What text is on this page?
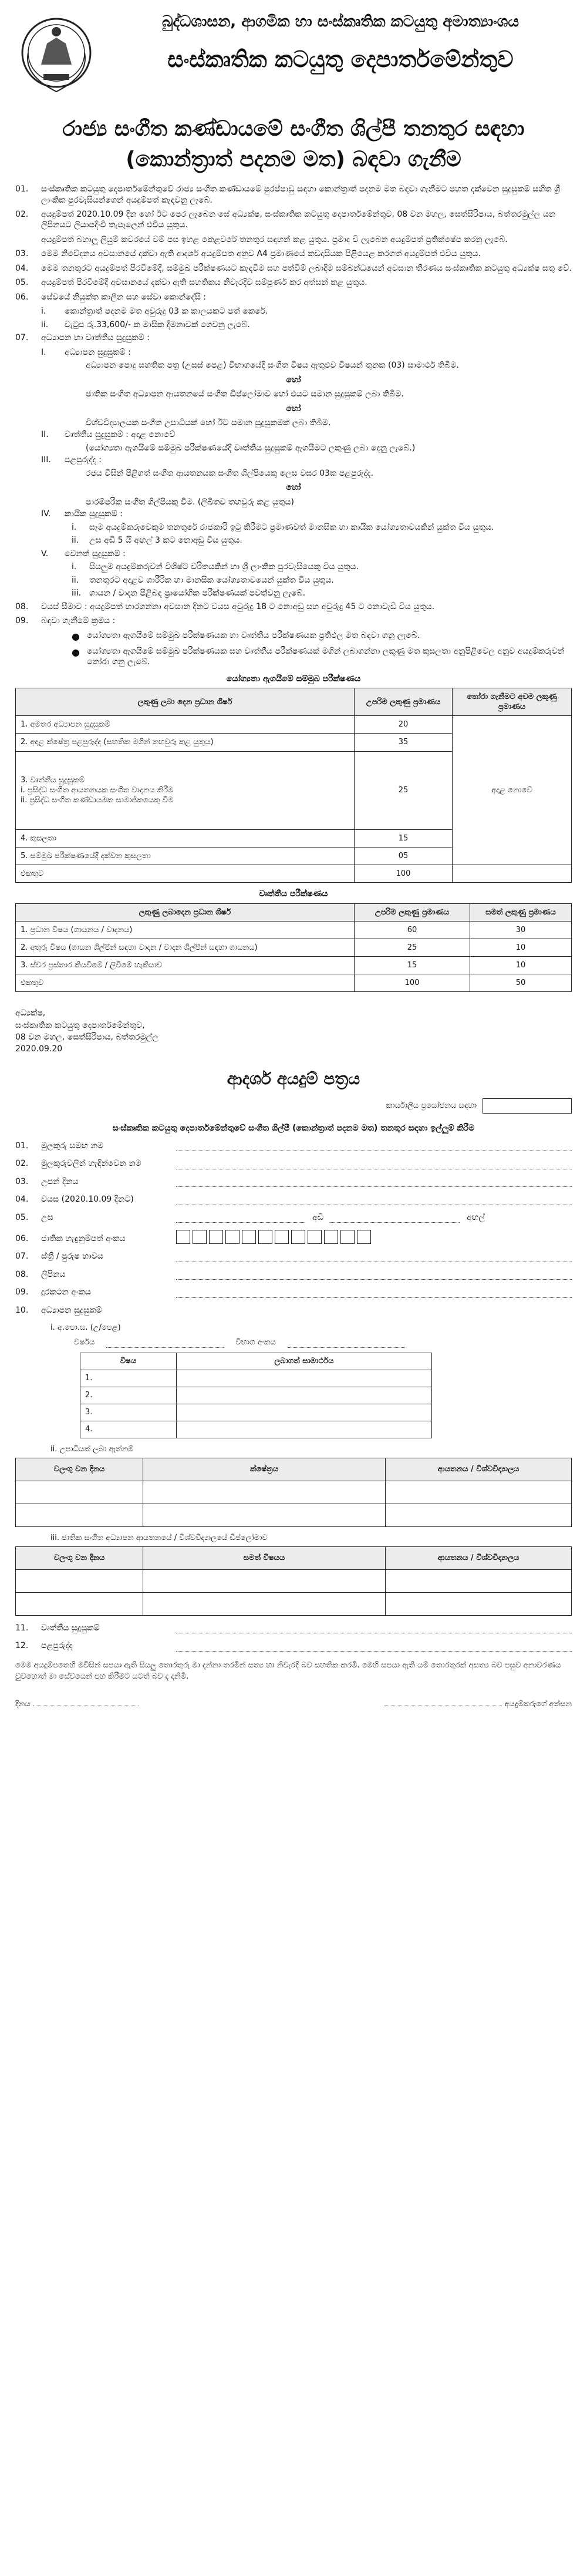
බුද්ධශාසන, ආගමික හා සංස්කෘතික කටයුතු අමාත්‍යාංශය
සංස්කෘතික කටයුතු දෙපාර්තමේන්තුව
රාජ්‍ය සංගීත කණ්ඩායමේ සංගීත ශිල්පී තනතුර සඳහා
(කොන්ත්‍රාත් පදනම මත) බඳවා ගැනීම
01.	සංස්කෘතික කටයුතු දෙපාර්තමේන්තුවේ රාජ්‍ය සංගීත කණ්ඩායමේ පුරප්පාඩු සඳහා කොන්ත්‍රාත් පදනම මත බඳවා ගැනීමට පහත දක්වෙන සුදුසුකම් සහිත ශ්‍රී ලාංකික පුරවැසියන්ගෙන් අයදුම්පත් කැඳවනු ලැබේ.
02.	අයදුම්පත් 2020.10.09 දින හෝ ඊට පෙර ලැබෙන සේ අධ්‍යක්ෂ, සංස්කෘතික කටයුතු දෙපාර්තමේන්තුව, 08 වන මහල, සෙත්සිරිපාය, බත්තරමුල්ල යන ලිපිනයට ලියාපදිංචි තැපෑලෙන් එවිය යුතුය.
අයදුම්පත් බහාලූ ලියුම් කවරයේ වම් පස ඉහළ කෙළවරේ තනතුර සඳහන් කළ යුතුය. ප්‍රමාද වී ලැබෙන අයදුම්පත් ප්‍රතික්ෂේප කරනු ලැබේ.
03.	මෙම නිවේදනය අවසානයේ දක්වා ඇති ආදර්ශ අයදුම්පත අනුව A4 ප්‍රමාණයේ කඩදාසියක පිළියෙළ කරගත් අයදුම්පත් එවිය යුතුය.
04.	මෙම තනතුරට අයදුම්පත් පිරවීමේදී, සම්මුඛ පරීක්ෂණයට කැඳවීම සහ පත්වීම් ලබාදීම සම්බන්ධයෙන් අවසාන තීරණය සංස්කෘතික කටයුතු අධ්‍යක්ෂ සතු වේ.
05.	අයදුම්පත් පිරවීමේදී අවසානයේ දක්වා ඇති සහතිකය නිවැරදිව සම්පූර්ණ කර අත්සන් කළ යුතුය.
06.	සේවයේ නියුක්ත කාලීන සහ සේවා කොන්දේසි :
i.	කොන්ත්‍රාත් පදනම මත අවුරුදු 03 ක කාලයකට පත් කෙරේ.
ii.	වැටුප රු.33,600/- ක මාසික දීමනාවක් ගෙවනු ලැබේ.
07.	අධ්‍යාපන හා වෘත්තීය සුදුසුකම් :
I.	අධ්‍යාපන සුදුසුකම් :
අධ්‍යාපන පොදු සහතික පත්‍ර (උසස් පෙළ) විභාගයේදී සංගීත විෂය ඇතුළුව විෂයන් තුනක (03) සාමාර්ථ තිබීම.
හෝ
ජාතික සංගීත අධ්‍යාපන ආයතනයේ සංගීත ඩිප්ලෝමාව හෝ එයට සමාන සුදුසුකම් ලබා තිබීම.
හෝ
විශ්වවිද්‍යාලයක සංගීත උපාධියක් හෝ ඊට සමාන සුදුසුකමක් ලබා තිබීම.
II.	වෘත්තීය සුදුසුකම් : අදාළ නොවේ
(යෝග්‍යතා ඇගයීමේ සම්මුඛ පරීක්ෂණයේදී වෘත්තීය සුදුසුකම් ඇගයීමට ලකුණු ලබා දෙනු ලැබේ.)
III.	පළපුරුද්ද :
රජය විසින් පිළිගත් සංගීත ආයතනයක සංගීත ශිල්පියෙකු ලෙස වසර 03ක පළපුරුද්ද.
හෝ
පාරම්පරික සංගීත ශිල්පියකු වීම. (ලිඛිතව තහවුරු කළ යුතුය)
IV.	කායික සුදුසුකම් :
i.	සෑම අයදුම්කරුවෙකුම තනතුරේ රාජකාරි ඉටු කිරීමට ප්‍රමාණවත් මානසික හා කායික යෝග්‍යතාවයකින් යුක්ත විය යුතුය.
ii.	උස අඩි 5 යි අඟල් 3 කට නොඅඩු විය යුතුය.
V.	වෙනත් සුදුසුකම් :
i.	සියලුම අයදුම්කරුවන් විශිෂ්ට චරිතයකින් හා ශ්‍රී ලාංකික පුරවැසියෙකු විය යුතුය.
ii.	තනතුරට අදාළව ශාරීරික හා මානසික යෝග්‍යතාවයෙන් යුක්ත විය යුතුය.
iii. ගායන / වාදන පිළිබඳ ප්‍රායෝගික පරීක්ෂණයක් පවත්වනු ලැබේ.
08.	වයස් සීමාව : අයදුම්පත් භාරගන්නා අවසාන දිනට වයස අවුරුදු 18 ට නොඅඩු සහ අවුරුදු 45 ට නොවැඩි විය යුතුය.
09.	බඳවා ගැනීමේ ක්‍රමය :
● යෝග්‍යතා ඇගයීමේ සම්මුඛ පරීක්ෂණයක හා වෘත්තීය පරීක්ෂණයක ප්‍රතිඵල මත බඳවා ගනු ලැබේ.
● යෝග්‍යතා ඇගයීමේ සම්මුඛ පරීක්ෂණයක සහ වෘත්තීය පරීක්ෂණයක් මගින් ලබාගන්නා ලකුණු මත කුසලතා අනුපිළිවෙල අනුව අයදුම්කරුවන් තෝරා ගනු ලැබේ.
යෝග්‍යතා ඇගයීමේ සම්මුඛ පරීක්ෂණය
ලකුණු ලබා දෙන ප්‍රධාන ශීර්ෂ	උපරිම ලකුණු ප්‍රමාණය	තෝරා ගැනීමට අවම ලකුණු ප්‍රමාණය
1. අමතර අධ්‍යාපන සුදුසුකම්	20	අදාළ නොවේ
2. අදාළ ක්ෂේත්‍ර පළපුරුද්ද (සහතික මගින් තහවුරු කළ යුතුය)	35	
3. වෘත්තීය සුදුසුකම්
i. ප්‍රසිද්ධ සංගීත ආයතනයක සංගීත වාදනය කිරීම
ii. ප්‍රසිද්ධ සංගීත කණ්ඩායමක සාමාජිකයෙකු වීම	25	
4. කුසලතා	15	
5. සම්මුඛ පරීක්ෂණයේදී දක්වන කුසලතා	05	
එකතුව	100	
වෘත්තීය පරීක්ෂණය
ලකුණු ලබාදෙන ප්‍රධාන ශීර්ෂ	උපරිම ලකුණු ප්‍රමාණය	සමත් ලකුණු ප්‍රමාණය
1. ප්‍රධාන විෂය (ගායනය / වාදනය)	60	30
2. අතුරු විෂය (ගායන ශිල්පීන් සඳහා වාදන / වාදන ශිල්පීන් සඳහා ගායනය)	25	10
3. ස්වර ප්‍රස්තාර කියවීමේ / ලිවීමේ හැකියාව	15	10
එකතුව	100	50
අධ්‍යක්ෂ,
සංස්කෘතික කටයුතු දෙපාර්තමේන්තුව,
08 වන මහල, සෙත්සිරිපාය, බත්තරමුල්ල
2020.09.20
ආදර්ශ අයදුම් පත්‍රය
කාර්යාලීය ප්‍රයෝජනය සඳහා
සංස්කෘතික කටයුතු දෙපාර්තමේන්තුවේ සංගීත ශිල්පී (කොන්ත්‍රාත් පදනම මත) තනතුර සඳහා ඉල්ලුම් කිරීම
01.	මුලකුරු සමඟ නම
02.	මුලකුරුවලින් හැඳින්වෙන නම
03.	උපන් දිනය
04.	වයස (2020.10.09 දිනට)
05.	උස	අඩි	අඟල්
06.	ජාතික හැඳුනුම්පත් අංකය
07.	ස්ත්‍රී / පුරුෂ භාවය
08.	ලිපිනය
09.	දුරකථන අංකය
10.	අධ්‍යාපන සුදුසුකම්
i. අ.පො.ස. (උ/පෙළ)
වර්ෂය	විභාග අංකය
විෂය	ලබාගත් සාමාර්ථය
1.	
2.	
3.	
4.	
ii. උපාධියක් ලබා ඇත්නම්
වලංගු වන දිනය	ක්ෂේත්‍රය	ආයතනය / විශ්වවිද්‍යාලය

iii. ජාතික සංගීත අධ්‍යාපන ආයතනයේ / විශ්වවිද්‍යාලයේ ඩිප්ලෝමාව
වලංගු වන දිනය	සමත් විෂයය	ආයතනය / විශ්වවිද්‍යාලය

11.	වෘත්තීය සුදුසුකම්
12.	පළපුරුද්ද
මෙම අයදුම්පතෙහි මවිසින් සපයා ඇති සියලු තොරතුරු මා දන්නා තරමින් සත්‍ය හා නිවැරදි බව සහතික කරමි. මෙහි සපයා ඇති යම් තොරතුරක් අසත්‍ය බව පසුව අනාවරණය වුවහොත් මා සේවයෙන් පහ කිරීමට යටත් බව ද දනිමි.
දිනය	අයදුම්කරුගේ අත්සන
